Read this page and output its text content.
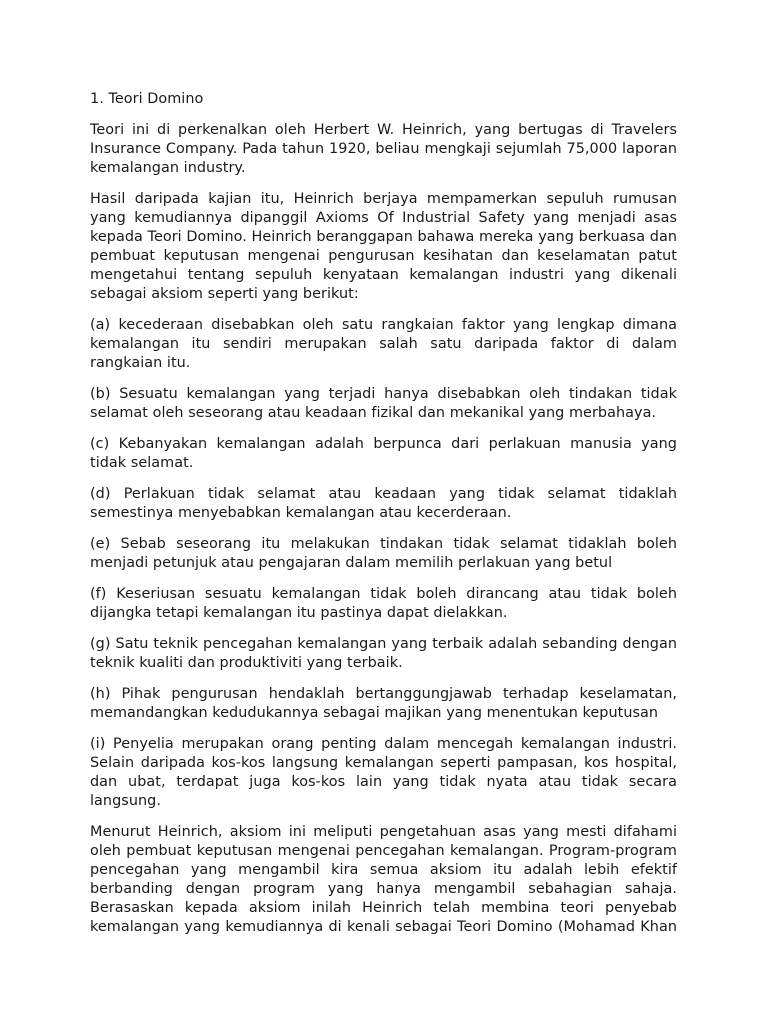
1. Teori Domino

Teori ini di perkenalkan oleh Herbert W. Heinrich, yang bertugas di Travelers Insurance Company. Pada tahun 1920, beliau mengkaji sejumlah 75,000 laporan kemalangan industry.

Hasil daripada kajian itu, Heinrich berjaya mempamerkan sepuluh rumusan yang kemudiannya dipanggil Axioms Of Industrial Safety yang menjadi asas kepada Teori Domino. Heinrich beranggapan bahawa mereka yang berkuasa dan pembuat keputusan mengenai pengurusan kesihatan dan keselamatan patut mengetahui tentang sepuluh kenyataan kemalangan industri yang dikenali sebagai aksiom seperti yang berikut:

(a) kecederaan disebabkan oleh satu rangkaian faktor yang lengkap dimana kemalangan itu sendiri merupakan salah satu daripada faktor di dalam rangkaian itu.

(b) Sesuatu kemalangan yang terjadi hanya disebabkan oleh tindakan tidak selamat oleh seseorang atau keadaan fizikal dan mekanikal yang merbahaya.

(c) Kebanyakan kemalangan adalah berpunca dari perlakuan manusia yang tidak selamat.

(d) Perlakuan tidak selamat atau keadaan yang tidak selamat tidaklah semestinya menyebabkan kemalangan atau kecerderaan.

(e) Sebab seseorang itu melakukan tindakan tidak selamat tidaklah boleh menjadi petunjuk atau pengajaran dalam memilih perlakuan yang betul

(f) Keseriusan sesuatu kemalangan tidak boleh dirancang atau tidak boleh dijangka tetapi kemalangan itu pastinya dapat dielakkan.

(g) Satu teknik pencegahan kemalangan yang terbaik adalah sebanding dengan teknik kualiti dan produktiviti yang terbaik.

(h) Pihak pengurusan hendaklah bertanggungjawab terhadap keselamatan, memandangkan kedudukannya sebagai majikan yang menentukan keputusan

(i) Penyelia merupakan orang penting dalam mencegah kemalangan industri. Selain daripada kos-kos langsung kemalangan seperti pampasan, kos hospital, dan ubat, terdapat juga kos-kos lain yang tidak nyata atau tidak secara langsung.

Menurut Heinrich, aksiom ini meliputi pengetahuan asas yang mesti difahami oleh pembuat keputusan mengenai pencegahan kemalangan. Program-program pencegahan yang mengambil kira semua aksiom itu adalah lebih efektif berbanding dengan program yang hanya mengambil sebahagian sahaja. Berasaskan kepada aksiom inilah Heinrich telah membina teori penyebab kemalangan yang kemudiannya di kenali sebagai Teori Domino (Mohamad Khan
